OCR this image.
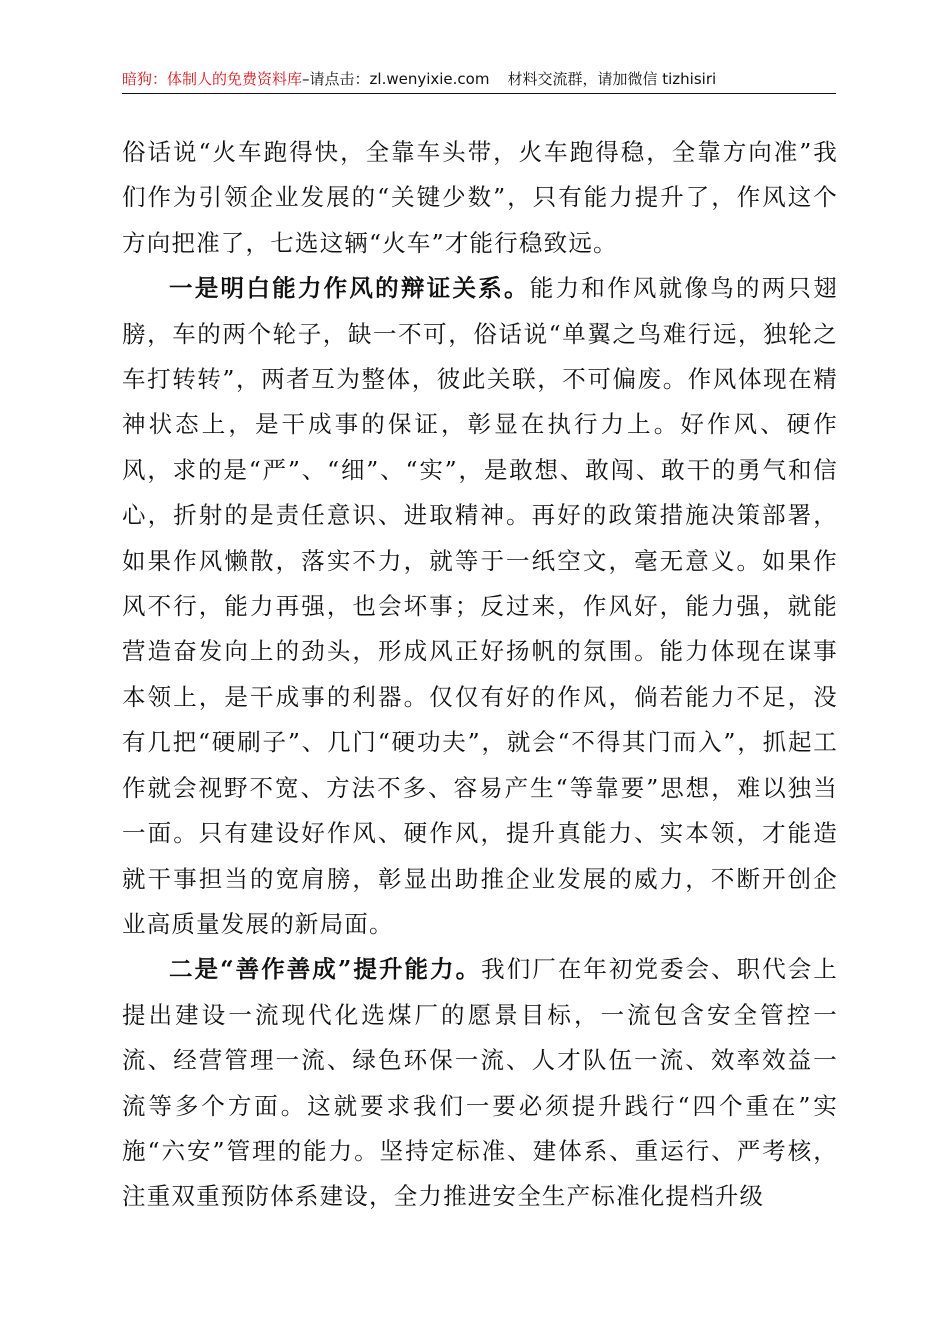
暗狗：体制人的免费资料库–请点击：zl.wenyixie.com 材料交流群，请加微信 tizhisiri

俗话说“火车跑得快，全靠车头带，火车跑得稳，全靠方向准”我们作为引领企业发展的“关键少数”，只有能力提升了，作风这个方向把准了，七选这辆“火车”才能行稳致远。

一是明白能力作风的辩证关系。能力和作风就像鸟的两只翅膀，车的两个轮子，缺一不可，俗话说“单翼之鸟难行远，独轮之车打转转”，两者互为整体，彼此关联，不可偏废。作风体现在精神状态上，是干成事的保证，彰显在执行力上。好作风、硬作风，求的是“严”、“细”、“实”，是敢想、敢闯、敢干的勇气和信心，折射的是责任意识、进取精神。再好的政策措施决策部署，如果作风懒散，落实不力，就等于一纸空文，毫无意义。如果作风不行，能力再强，也会坏事；反过来，作风好，能力强，就能营造奋发向上的劲头，形成风正好扬帆的氛围。能力体现在谋事本领上，是干成事的利器。仅仅有好的作风，倘若能力不足，没有几把“硬刷子”、几门“硬功夫”，就会“不得其门而入”，抓起工作就会视野不宽、方法不多、容易产生“等靠要”思想，难以独当一面。只有建设好作风、硬作风，提升真能力、实本领，才能造就干事担当的宽肩膀，彰显出助推企业发展的威力，不断开创企业高质量发展的新局面。

二是“善作善成”提升能力。我们厂在年初党委会、职代会上提出建设一流现代化选煤厂的愿景目标，一流包含安全管控一流、经营管理一流、绿色环保一流、人才队伍一流、效率效益一流等多个方面。这就要求我们一要必须提升践行“四个重在”实施“六安”管理的能力。坚持定标准、建体系、重运行、严考核，注重双重预防体系建设，全力推进安全生产标准化提档升级
